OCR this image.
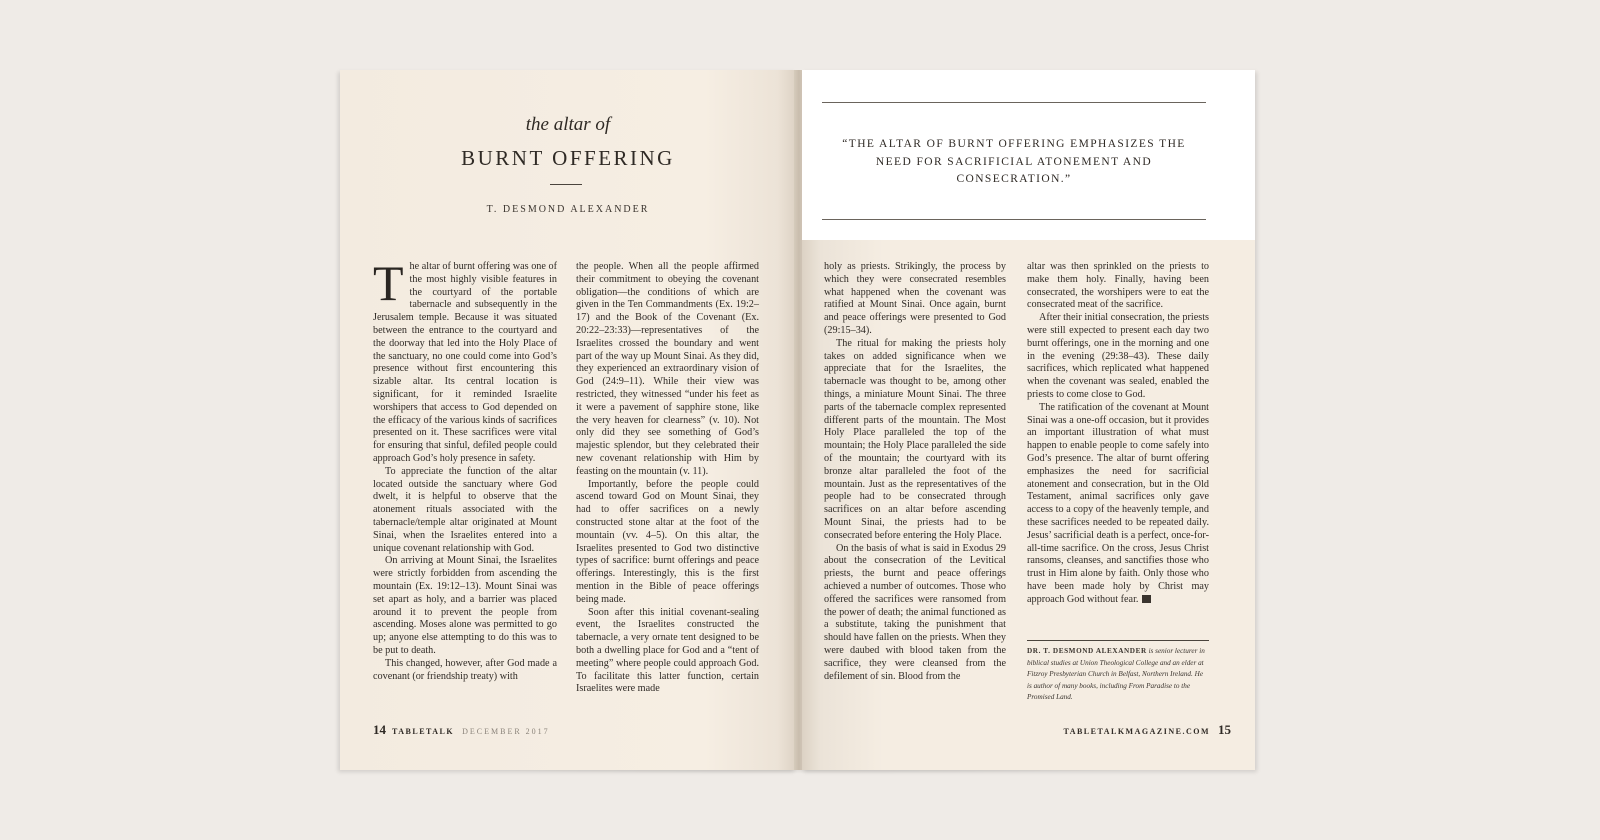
the altar of
BURNT OFFERING
T. DESMOND ALEXANDER

The altar of burnt offering was one of the most highly visible features in the courtyard of the portable tabernacle and subsequently in the Jerusalem temple. Because it was situated between the entrance to the courtyard and the doorway that led into the Holy Place of the sanctuary, no one could come into God’s presence without first encountering this sizable altar. Its central location is significant, for it reminded Israelite worshipers that access to God depended on the efficacy of the various kinds of sacrifices presented on it. These sacrifices were vital for ensuring that sinful, defiled people could approach God’s holy presence in safety.

To appreciate the function of the altar located outside the sanctuary where God dwelt, it is helpful to observe that the atonement rituals associated with the tabernacle/temple altar originated at Mount Sinai, when the Israelites entered into a unique covenant relationship with God.

On arriving at Mount Sinai, the Israelites were strictly forbidden from ascending the mountain (Ex. 19:12–13). Mount Sinai was set apart as holy, and a barrier was placed around it to prevent the people from ascending. Moses alone was permitted to go up; anyone else attempting to do this was to be put to death.

This changed, however, after God made a covenant (or friendship treaty) with

the people. When all the people affirmed their commitment to obeying the covenant obligation—the conditions of which are given in the Ten Commandments (Ex. 19:2–17) and the Book of the Covenant (Ex. 20:22–23:33)—representatives of the Israelites crossed the boundary and went part of the way up Mount Sinai. As they did, they experienced an extraordinary vision of God (24:9–11). While their view was restricted, they witnessed “under his feet as it were a pavement of sapphire stone, like the very heaven for clearness” (v. 10). Not only did they see something of God’s majestic splendor, but they celebrated their new covenant relationship with Him by feasting on the mountain (v. 11).

Importantly, before the people could ascend toward God on Mount Sinai, they had to offer sacrifices on a newly constructed stone altar at the foot of the mountain (vv. 4–5). On this altar, the Israelites presented to God two distinctive types of sacrifice: burnt offerings and peace offerings. Interestingly, this is the first mention in the Bible of peace offerings being made.

Soon after this initial covenant-sealing event, the Israelites constructed the tabernacle, a very ornate tent designed to be both a dwelling place for God and a “tent of meeting” where people could approach God. To facilitate this latter function, certain Israelites were made

14 TABLETALK DECEMBER 2017
“THE ALTAR OF BURNT OFFERING EMPHASIZES THE NEED FOR SACRIFICIAL ATONEMENT AND CONSECRATION.”

holy as priests. Strikingly, the process by which they were consecrated resembles what happened when the covenant was ratified at Mount Sinai. Once again, burnt and peace offerings were presented to God (29:15–34).

The ritual for making the priests holy takes on added significance when we appreciate that for the Israelites, the tabernacle was thought to be, among other things, a miniature Mount Sinai. The three parts of the tabernacle complex represented different parts of the mountain. The Most Holy Place paralleled the top of the mountain; the Holy Place paralleled the side of the mountain; the courtyard with its bronze altar paralleled the foot of the mountain. Just as the representatives of the people had to be consecrated through sacrifices on an altar before ascending Mount Sinai, the priests had to be consecrated before entering the Holy Place.

On the basis of what is said in Exodus 29 about the consecration of the Levitical priests, the burnt and peace offerings achieved a number of outcomes. Those who offered the sacrifices were ransomed from the power of death; the animal functioned as a substitute, taking the punishment that should have fallen on the priests. When they were daubed with blood taken from the sacrifice, they were cleansed from the defilement of sin. Blood from the

altar was then sprinkled on the priests to make them holy. Finally, having been consecrated, the worshipers were to eat the consecrated meat of the sacrifice.

After their initial consecration, the priests were still expected to present each day two burnt offerings, one in the morning and one in the evening (29:38–43). These daily sacrifices, which replicated what happened when the covenant was sealed, enabled the priests to come close to God.

The ratification of the covenant at Mount Sinai was a one-off occasion, but it provides an important illustration of what must happen to enable people to come safely into God’s presence. The altar of burnt offering emphasizes the need for sacrificial atonement and consecration, but in the Old Testament, animal sacrifices only gave access to a copy of the heavenly temple, and these sacrifices needed to be repeated daily. Jesus’ sacrificial death is a perfect, once-for-all-time sacrifice. On the cross, Jesus Christ ransoms, cleanses, and sanctifies those who trust in Him alone by faith. Only those who have been made holy by Christ may approach God without fear.	T

DR. T. DESMOND ALEXANDER is senior lecturer in biblical studies at Union Theological College and an elder at Fitzroy Presbyterian Church in Belfast, Northern Ireland. He is author of many books, including From Paradise to the Promised Land.
TABLETALKMAGAZINE.COM 15
